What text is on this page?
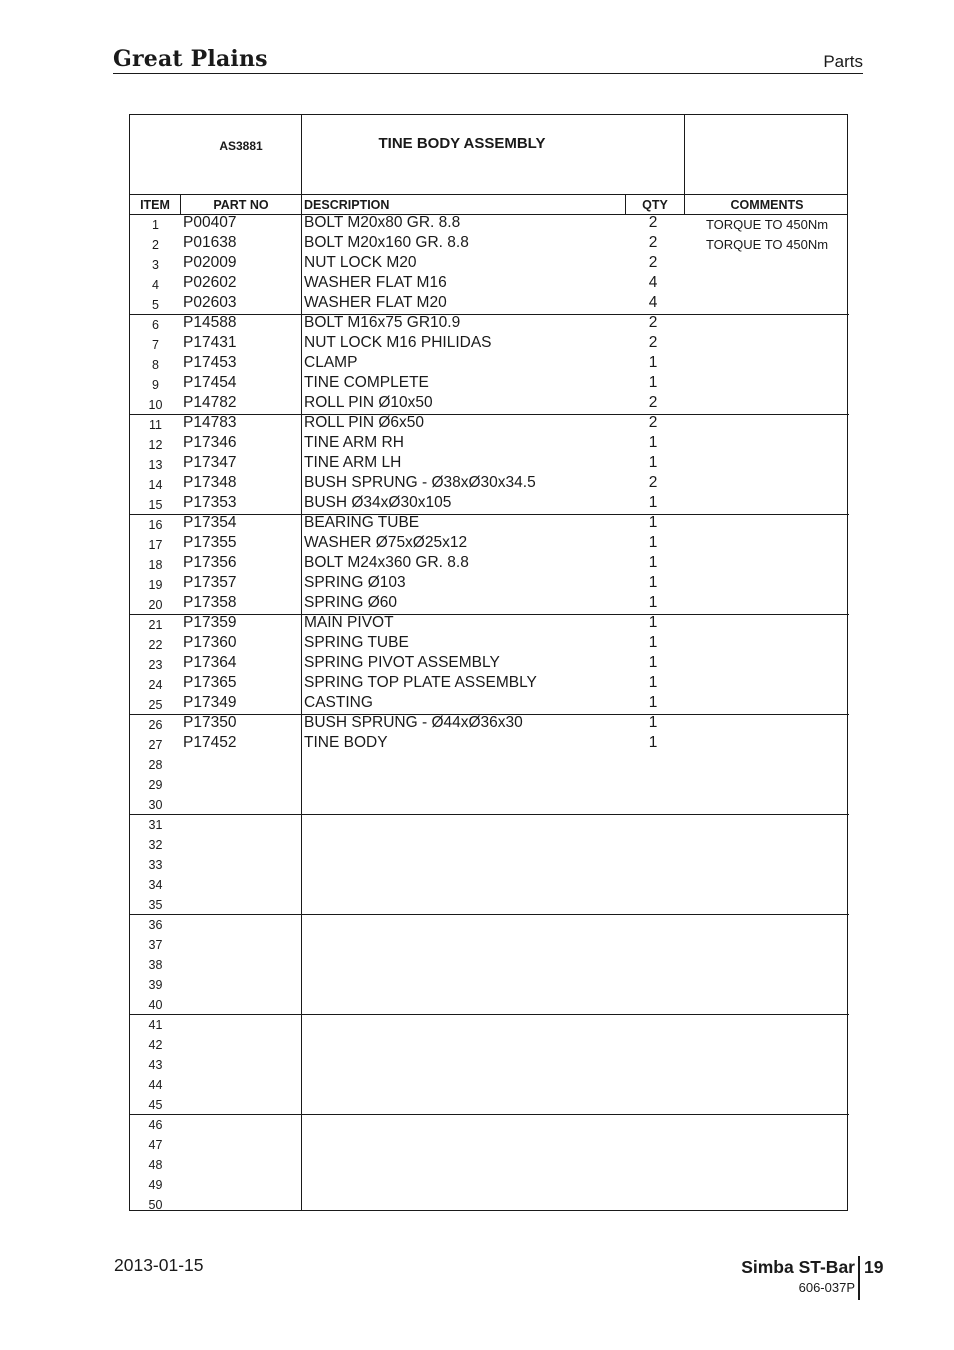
Great Plains	Parts
AS3881	TINE BODY ASSEMBLY
ITEM	PART NO	DESCRIPTION	QTY	COMMENTS
1	P00407	BOLT M20x80 GR. 8.8	2	TORQUE TO 450Nm
2	P01638	BOLT M20x160 GR. 8.8	2	TORQUE TO 450Nm
3	P02009	NUT LOCK M20	2
4	P02602	WASHER FLAT M16	4
5	P02603	WASHER FLAT M20	4
6	P14588	BOLT M16x75 GR10.9	2
7	P17431	NUT LOCK M16 PHILIDAS	2
8	P17453	CLAMP	1
9	P17454	TINE COMPLETE	1
10	P14782	ROLL PIN Ø10x50	2
11	P14783	ROLL PIN Ø6x50	2
12	P17346	TINE ARM RH	1
13	P17347	TINE ARM LH	1
14	P17348	BUSH SPRUNG - Ø38xØ30x34.5	2
15	P17353	BUSH Ø34xØ30x105	1
16	P17354	BEARING TUBE	1
17	P17355	WASHER Ø75xØ25x12	1
18	P17356	BOLT M24x360 GR. 8.8	1
19	P17357	SPRING Ø103	1
20	P17358	SPRING Ø60	1
21	P17359	MAIN PIVOT	1
22	P17360	SPRING TUBE	1
23	P17364	SPRING PIVOT ASSEMBLY	1
24	P17365	SPRING TOP PLATE ASSEMBLY	1
25	P17349	CASTING	1
26	P17350	BUSH SPRUNG - Ø44xØ36x30	1
27	P17452	TINE BODY	1
28
29
30
31
32
33
34
35
36
37
38
39
40
41
42
43
44
45
46
47
48
49
50
2013-01-15	Simba ST-Bar 19
606-037P
